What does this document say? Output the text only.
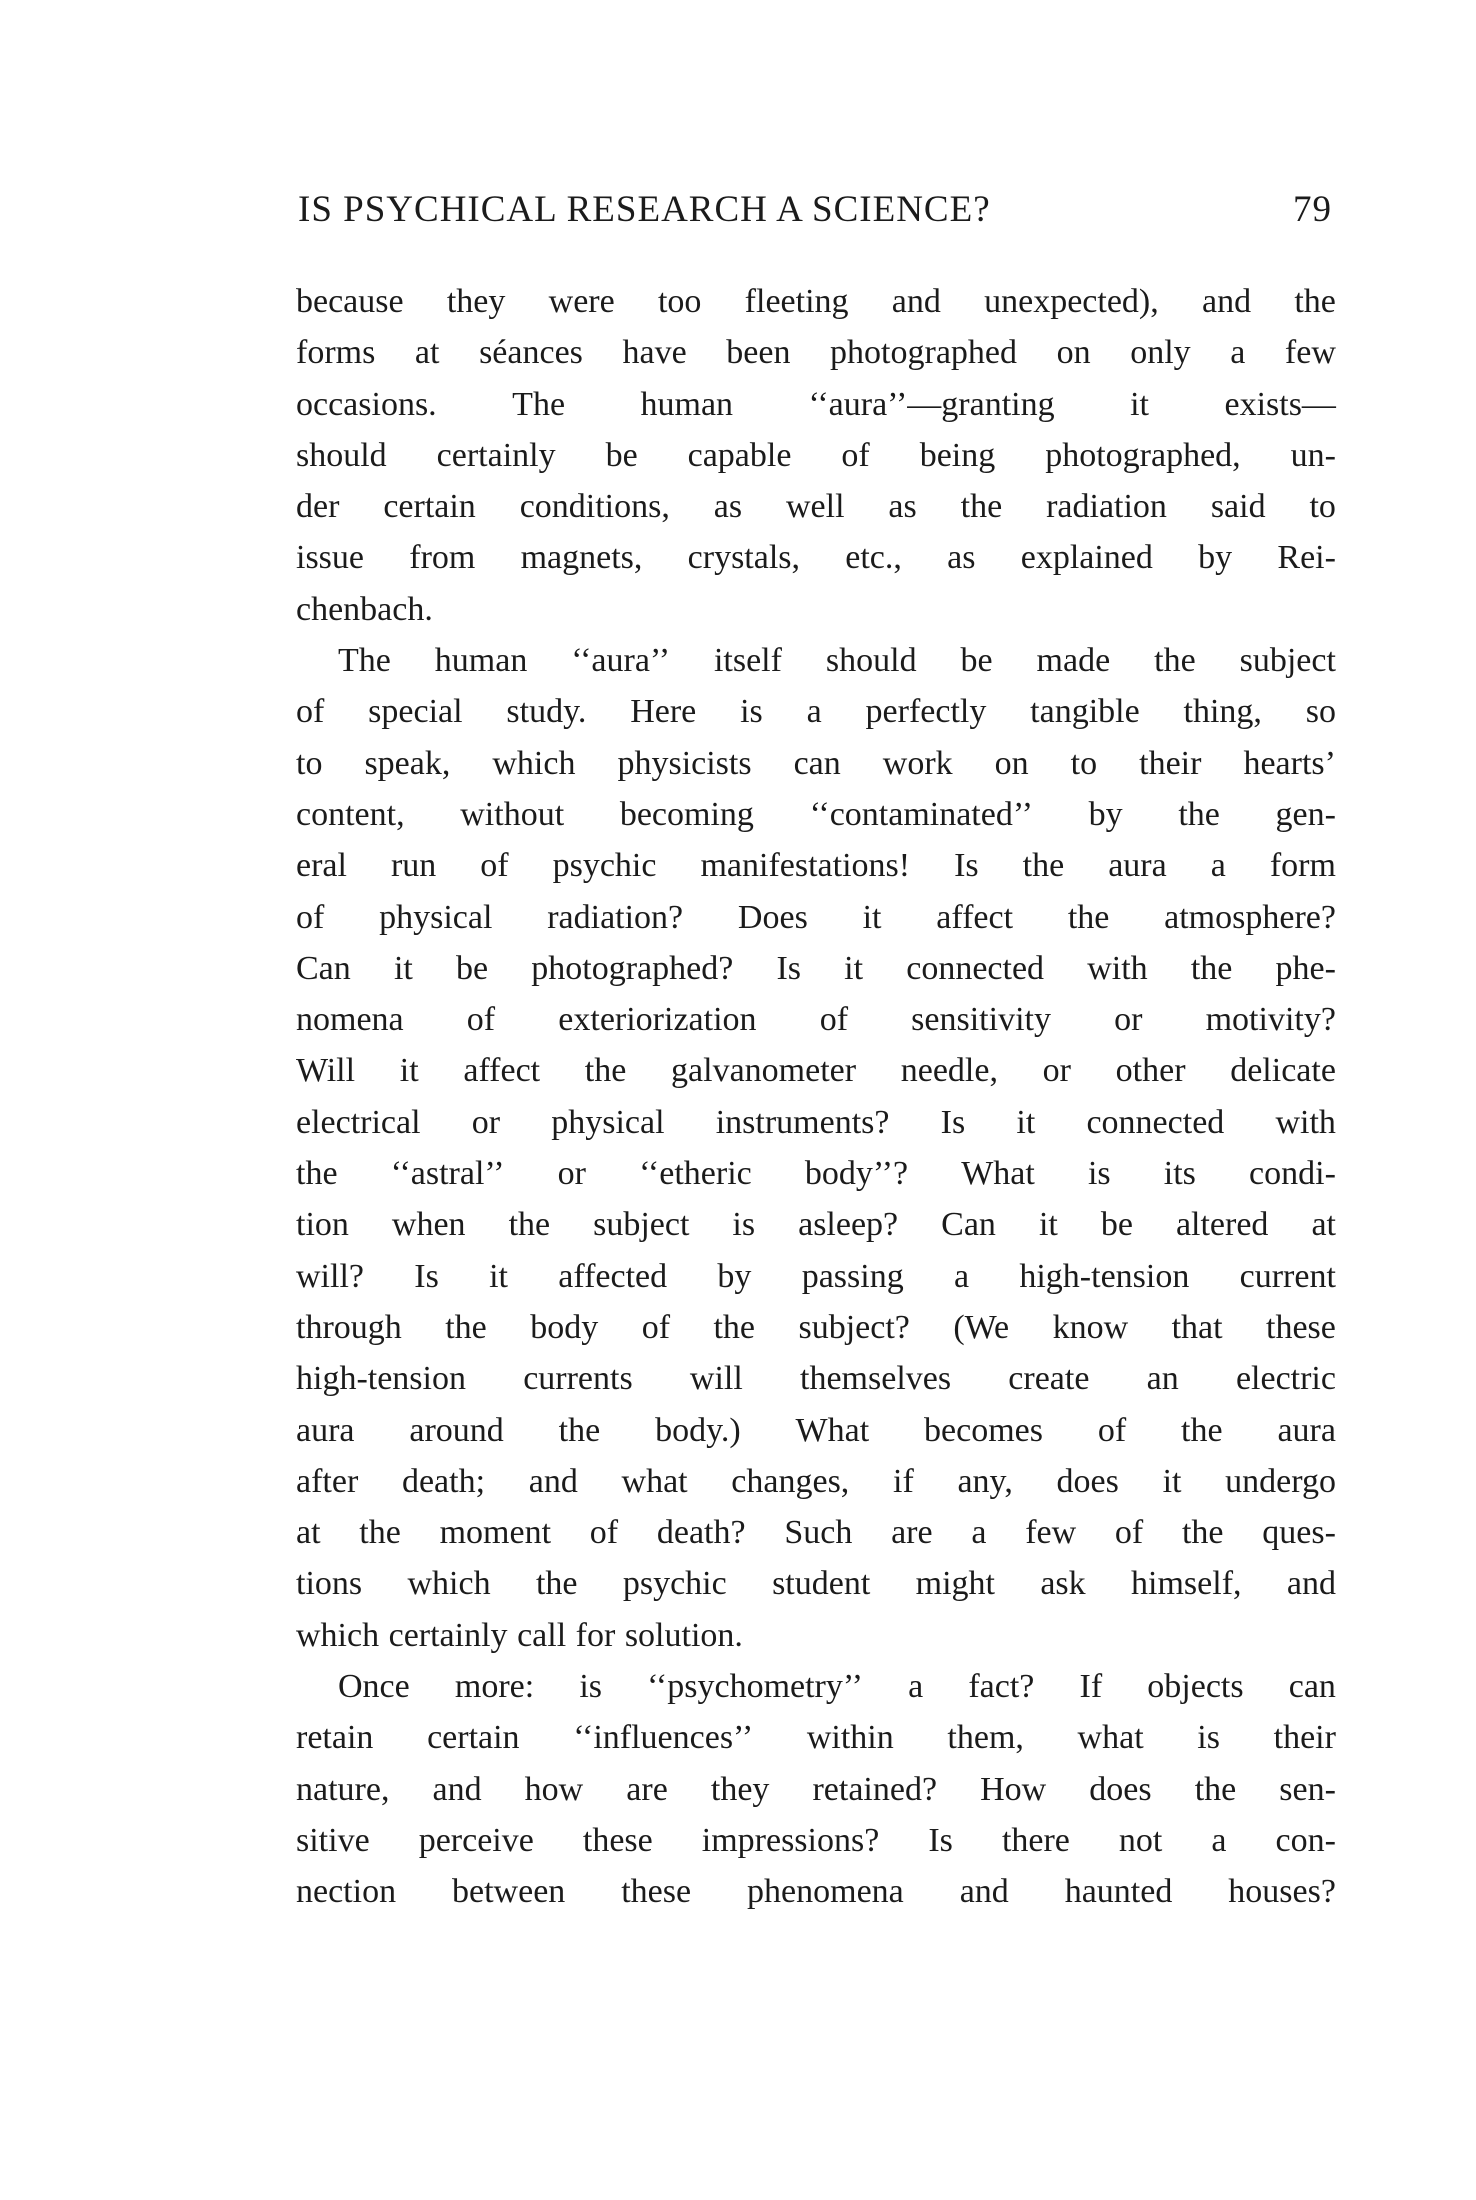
IS PSYCHICAL RESEARCH A SCIENCE?	79
because they were too fleeting and unexpected), and the
forms at séances have been photographed on only a few
occasions. The human ‘‘aura’’—granting it exists—
should certainly be capable of being photographed, un-
der certain conditions, as well as the radiation said to
issue from magnets, crystals, etc., as explained by Rei-
chenbach.
The human ‘‘aura’’ itself should be made the subject
of special study. Here is a perfectly tangible thing, so
to speak, which physicists can work on to their hearts’
content, without becoming ‘‘contaminated’’ by the gen-
eral run of psychic manifestations! Is the aura a form
of physical radiation? Does it affect the atmosphere?
Can it be photographed? Is it connected with the phe-
nomena of exteriorization of sensitivity or motivity?
Will it affect the galvanometer needle, or other delicate
electrical or physical instruments? Is it connected with
the ‘‘astral’’ or ‘‘etheric body’’? What is its condi-
tion when the subject is asleep? Can it be altered at
will? Is it affected by passing a high-tension current
through the body of the subject? (We know that these
high-tension currents will themselves create an electric
aura around the body.) What becomes of the aura
after death; and what changes, if any, does it undergo
at the moment of death? Such are a few of the ques-
tions which the psychic student might ask himself, and
which certainly call for solution.
Once more: is ‘‘psychometry’’ a fact? If objects can
retain certain ‘‘influences’’ within them, what is their
nature, and how are they retained? How does the sen-
sitive perceive these impressions? Is there not a con-
nection between these phenomena and haunted houses?
